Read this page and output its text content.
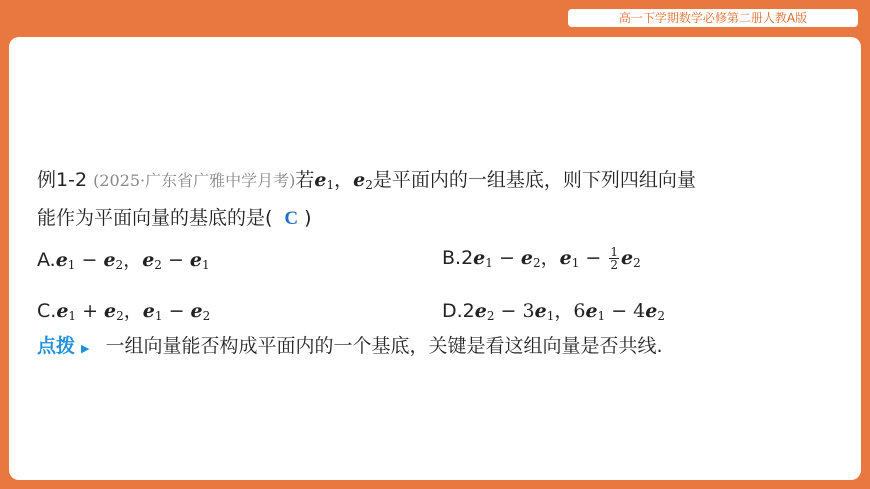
高一下学期数学必修第二册人教A版
例1-2 (2025·广东省广雅中学月考)若$e_1$，$e_2$是平面内的一组基底，则下列四组向量
能作为平面向量的基底的是( C )
$A.e_1 - e_2$，$e_2 - e_1$	$B.2e_1 - e_2$，$e_1 - \frac{1}{2} e_2$
$C.e_1 + e_2$，$e_1 - e_2$	$D.2e_2 - 3e_1$，$6e_1 - 4e_2$
点拨 ▶ 一组向量能否构成平面内的一个基底，关键是看这组向量是否共线.
